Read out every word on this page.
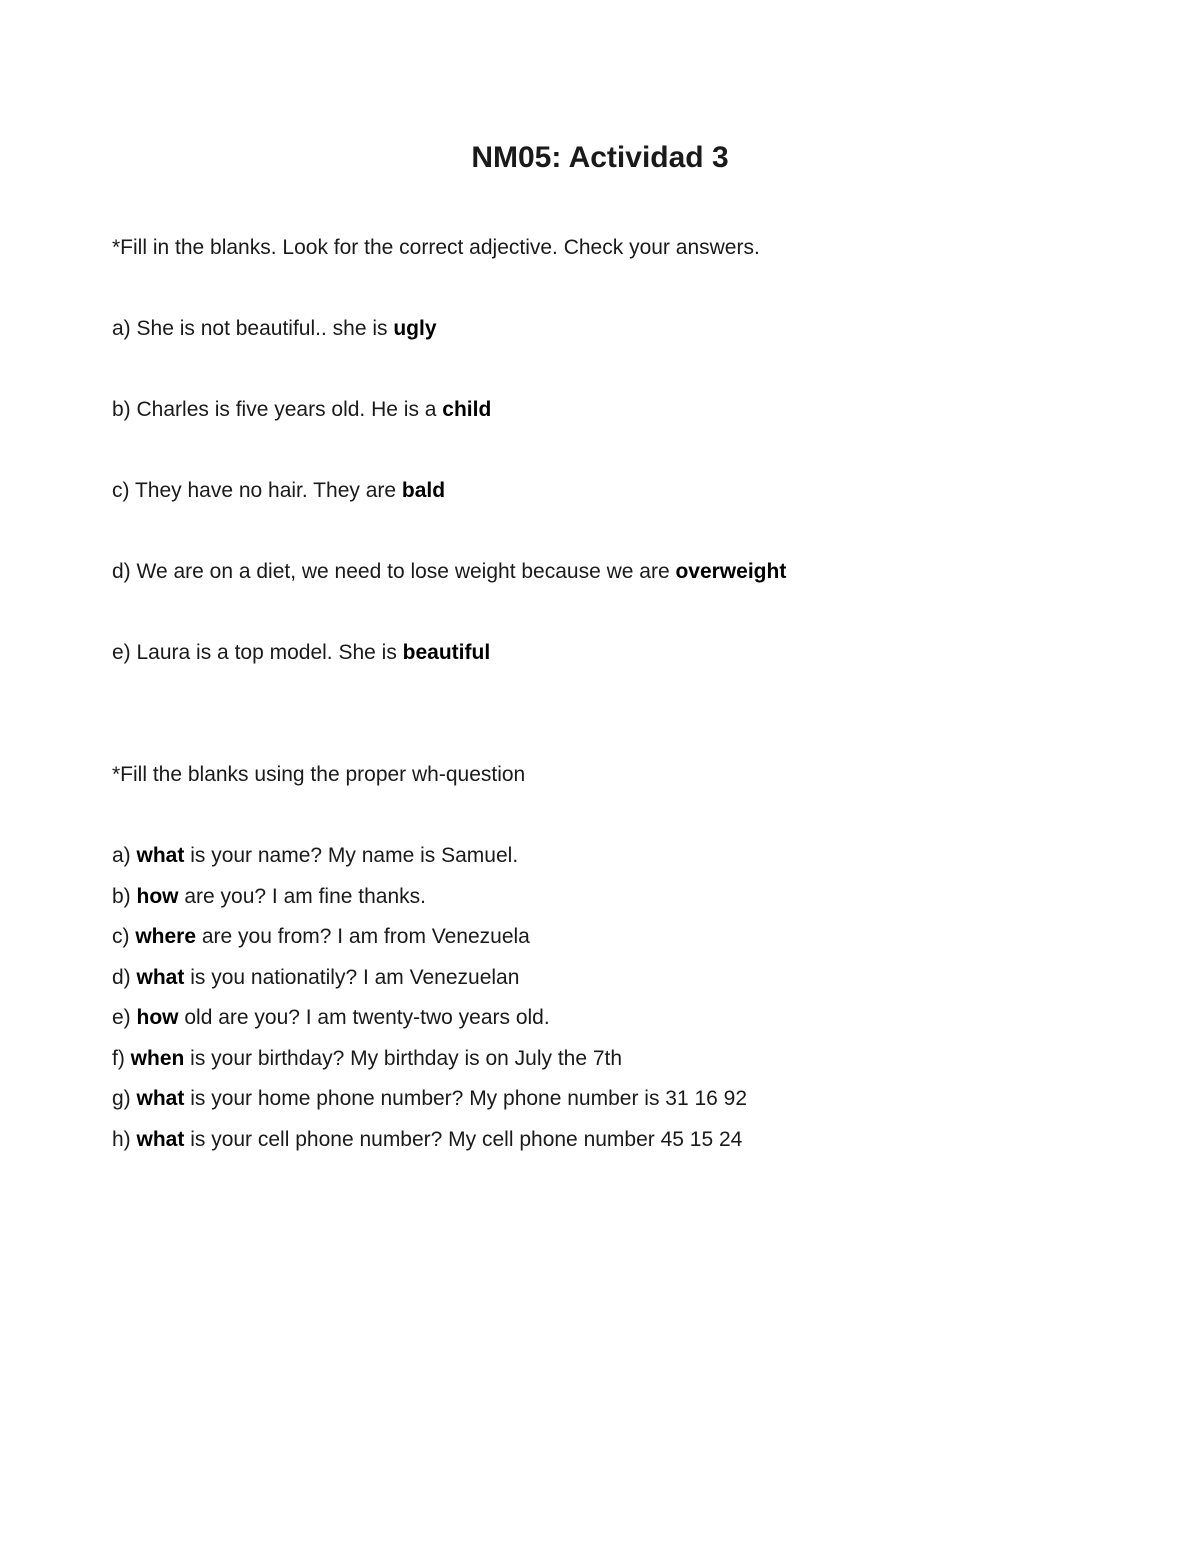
NM05: Actividad 3
*Fill in the blanks. Look for the correct adjective. Check your answers.
a) She is not beautiful.. she is ugly
b) Charles is five years old. He is a child
c) They have no hair. They are bald
d) We are on a diet, we need to lose weight because we are overweight
e) Laura is a top model. She is beautiful
*Fill the blanks using the proper wh-question
a) what is your name? My name is Samuel.
b) how are you? I am fine thanks.
c) where are you from? I am from Venezuela
d) what is you nationatily? I am Venezuelan
e) how old are you? I am twenty-two years old.
f) when is your birthday? My birthday is on July the 7th
g) what is your home phone number? My phone number is 31 16 92
h) what is your cell phone number? My cell phone number 45 15 24
